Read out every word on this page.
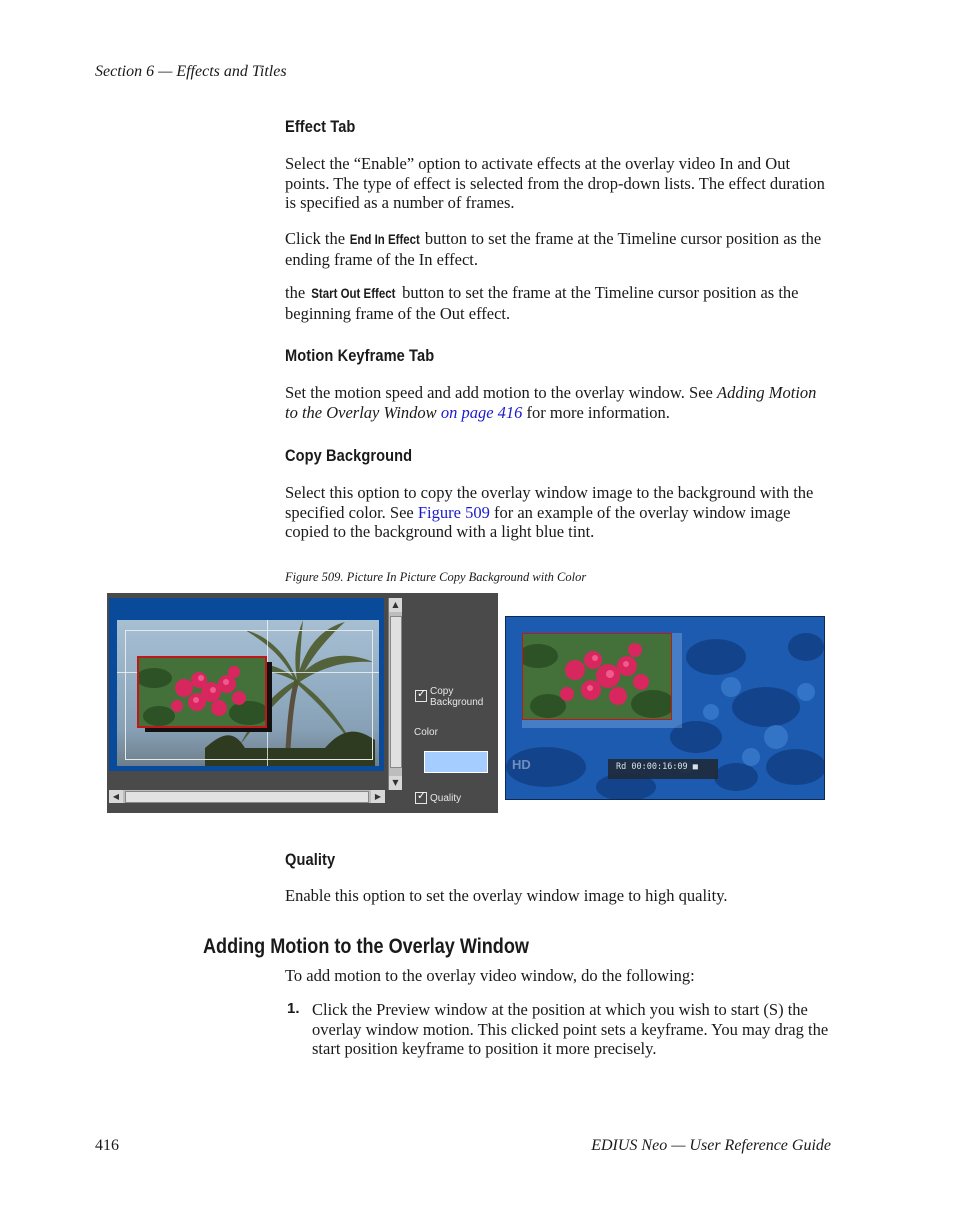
Section 6 — Effects and Titles
Effect Tab
Select the “Enable” option to activate effects at the overlay video In and Out points. The type of effect is selected from the drop-down lists. The effect duration is specified as a number of frames.
Click the End In Effect button to set the frame at the Timeline cursor position as the ending frame of the In effect.
the Start Out Effect button to set the frame at the Timeline cursor position as the beginning frame of the Out effect.
Motion Keyframe Tab
Set the motion speed and add motion to the overlay window. See Adding Motion to the Overlay Window on page 416 for more information.
Copy Background
Select this option to copy the overlay window image to the background with the specified color. See Figure 509 for an example of the overlay window image copied to the background with a light blue tint.
Figure 509. Picture In Picture Copy Background with Color
▲
▼
◀	▶
✓ Copy
Background
Color
✓ Quality
HD	Rd 00:00:16:09 ■
Quality
Enable this option to set the overlay window image to high quality.
Adding Motion to the Overlay Window
To add motion to the overlay video window, do the following:
1. Click the Preview window at the position at which you wish to start (S) the overlay window motion. This clicked point sets a keyframe. You may drag the start position keyframe to position it more precisely.
416	EDIUS Neo — User Reference Guide
